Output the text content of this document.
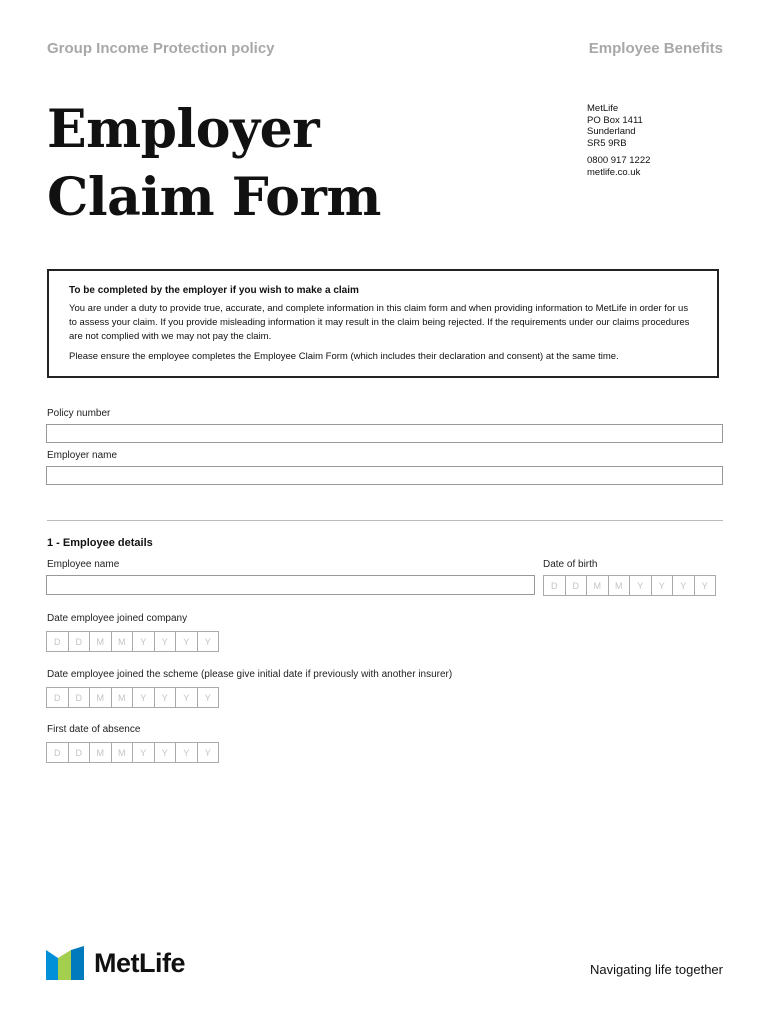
Group Income Protection policy	Employee Benefits
Employer
Claim Form
MetLife
PO Box 1411
Sunderland
SR5 9RB
0800 917 1222
metlife.co.uk
To be completed by the employer if you wish to make a claim

You are under a duty to provide true, accurate, and complete information in this claim form and when providing information to MetLife in order for us to assess your claim. If you provide misleading information it may result in the claim being rejected. If the requirements under our claims procedures are not complied with we may not pay the claim.

Please ensure the employee completes the Employee Claim Form (which includes their declaration and consent) at the same time.

Policy number
Employer name
1 - Employee details
Employee name	Date of birth
D	D	M	M	Y	Y	Y	Y
Date employee joined company
D	D	M	M	Y	Y	Y	Y
Date employee joined the scheme (please give initial date if previously with another insurer)
D	D	M	M	Y	Y	Y	Y
First date of absence
D	D	M	M	Y	Y	Y	Y
MetLife	Navigating life together
